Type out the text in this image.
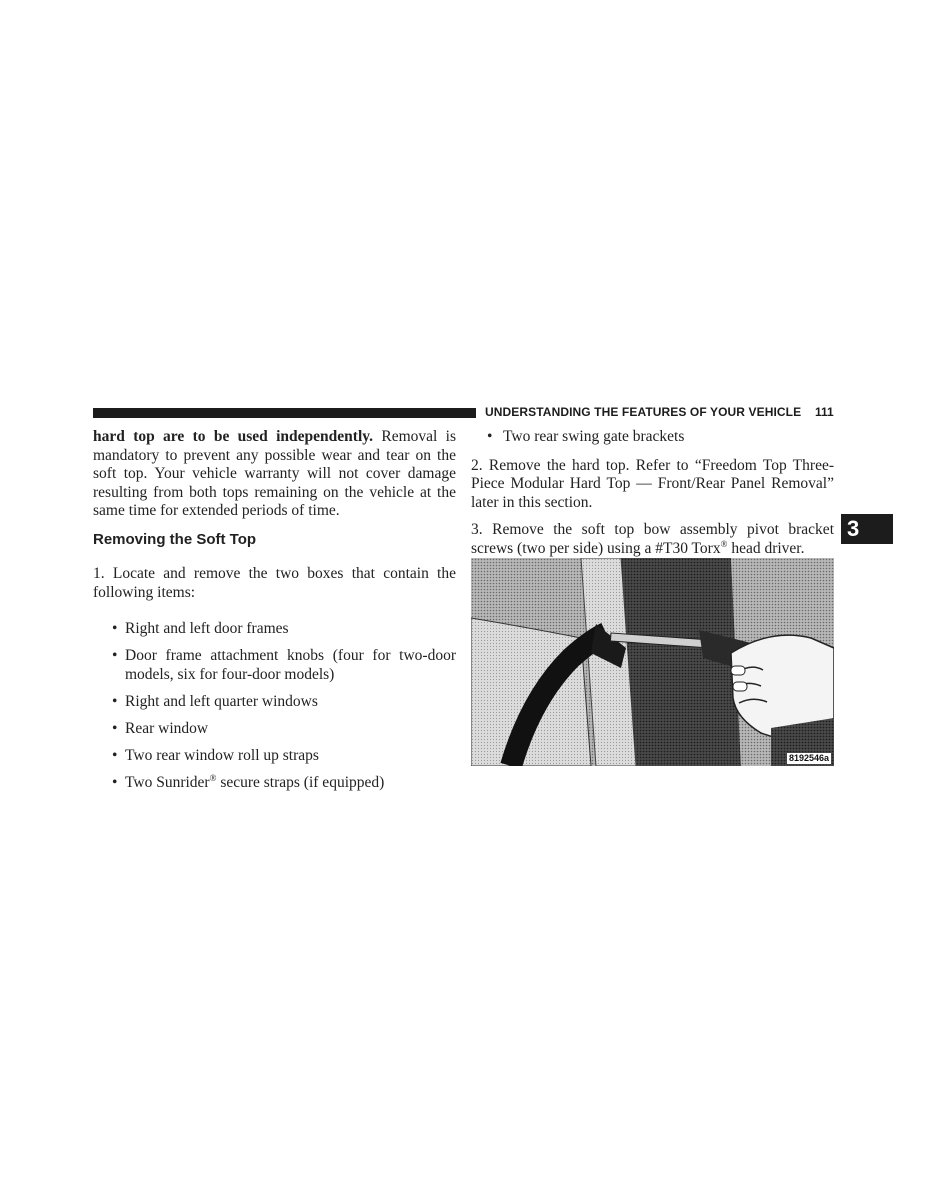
UNDERSTANDING THE FEATURES OF YOUR VEHICLE 111

hard top are to be used independently. Removal is mandatory to prevent any possible wear and tear on the soft top. Your vehicle warranty will not cover damage resulting from both tops remaining on the vehicle at the same time for extended periods of time.

Removing the Soft Top

1. Locate and remove the two boxes that contain the following items:

• Right and left door frames
• Door frame attachment knobs (four for two-door models, six for four-door models)
• Right and left quarter windows
• Rear window
• Two rear window roll up straps
• Two Sunrider® secure straps (if equipped)
• Two rear swing gate brackets

2. Remove the hard top. Refer to “Freedom Top Three-Piece Modular Hard Top — Front/Rear Panel Removal” later in this section.

3. Remove the soft top bow assembly pivot bracket screws (two per side) using a #T30 Torx® head driver.

3
8192546a
